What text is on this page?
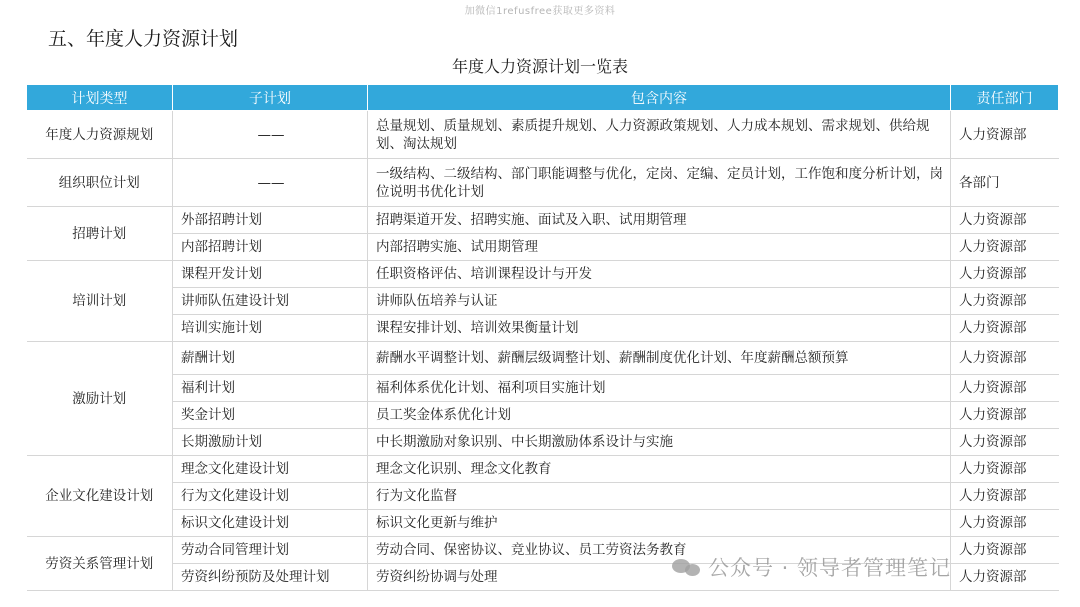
加微信1refusfree获取更多资料
五、年度人力资源计划
年度人力资源计划一览表
计划类型	子计划	包含内容	责任部门
年度人力资源规划	——	总量规划、质量规划、素质提升规划、人力资源政策规划、人力成本规划、需求规划、供给规划、淘汰规划	人力资源部
组织职位计划	——	一级结构、二级结构、部门职能调整与优化，定岗、定编、定员计划，工作饱和度分析计划，岗位说明书优化计划	各部门
招聘计划	外部招聘计划	招聘渠道开发、招聘实施、面试及入职、试用期管理	人力资源部
	内部招聘计划	内部招聘实施、试用期管理	人力资源部
培训计划	课程开发计划	任职资格评估、培训课程设计与开发	人力资源部
	讲师队伍建设计划	讲师队伍培养与认证	人力资源部
	培训实施计划	课程安排计划、培训效果衡量计划	人力资源部
激励计划	薪酬计划	薪酬水平调整计划、薪酬层级调整计划、薪酬制度优化计划、年度薪酬总额预算	人力资源部
	福利计划	福利体系优化计划、福利项目实施计划	人力资源部
	奖金计划	员工奖金体系优化计划	人力资源部
	长期激励计划	中长期激励对象识别、中长期激励体系设计与实施	人力资源部
企业文化建设计划	理念文化建设计划	理念文化识别、理念文化教育	人力资源部
	行为文化建设计划	行为文化监督	人力资源部
	标识文化建设计划	标识文化更新与维护	人力资源部
劳资关系管理计划	劳动合同管理计划	劳动合同、保密协议、竞业协议、员工劳资法务教育	人力资源部
	劳资纠纷预防及处理计划	劳资纠纷协调与处理	人力资源部
公众号 · 领导者管理笔记
